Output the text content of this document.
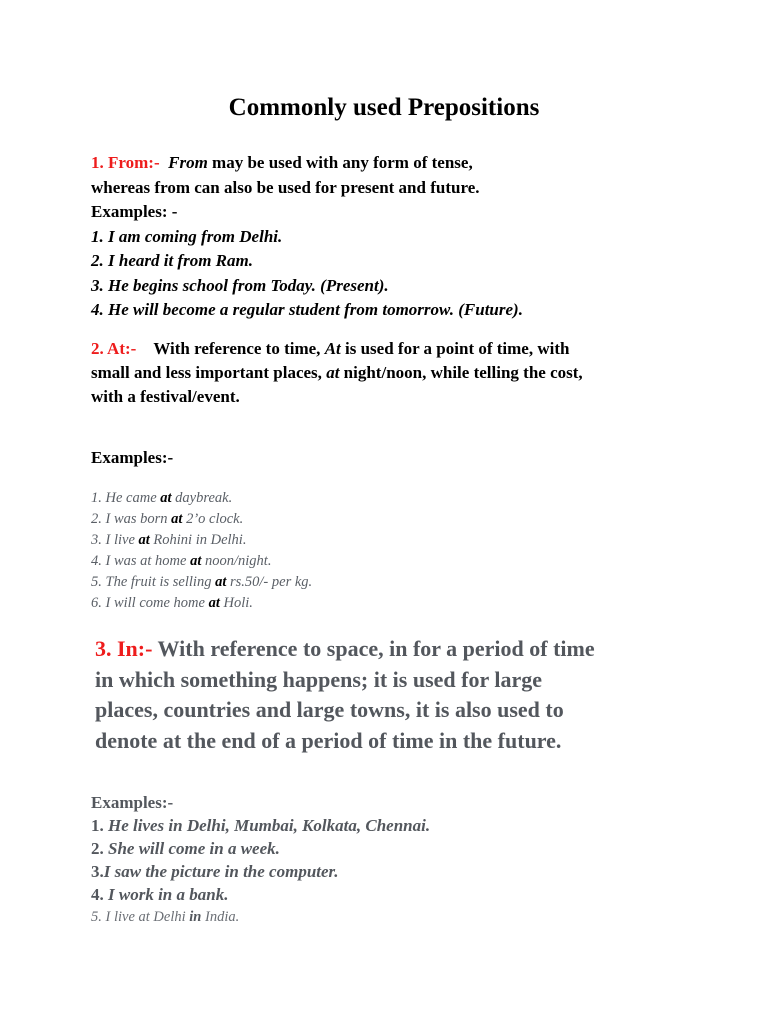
Commonly used Prepositions
1. From:- From may be used with any form of tense,
whereas from can also be used for present and future.
Examples: -
1. I am coming from Delhi.
2. I heard it from Ram.
3. He begins school from Today. (Present).
4. He will become a regular student from tomorrow. (Future).
2. At:- With reference to time, At is used for a point of time, with
small and less important places, at night/noon, while telling the cost,
with a festival/event.
Examples:-
1. He came at daybreak.
2. I was born at 2’o clock.
3. I live at Rohini in Delhi.
4. I was at home at noon/night.
5. The fruit is selling at rs.50/- per kg.
6. I will come home at Holi.
3. In:- With reference to space, in for a period of time
in which something happens; it is used for large
places, countries and large towns, it is also used to
denote at the end of a period of time in the future.
Examples:-
1. He lives in Delhi, Mumbai, Kolkata, Chennai.
2. She will come in a week.
3.I saw the picture in the computer.
4. I work in a bank.
5. I live at Delhi in India.
